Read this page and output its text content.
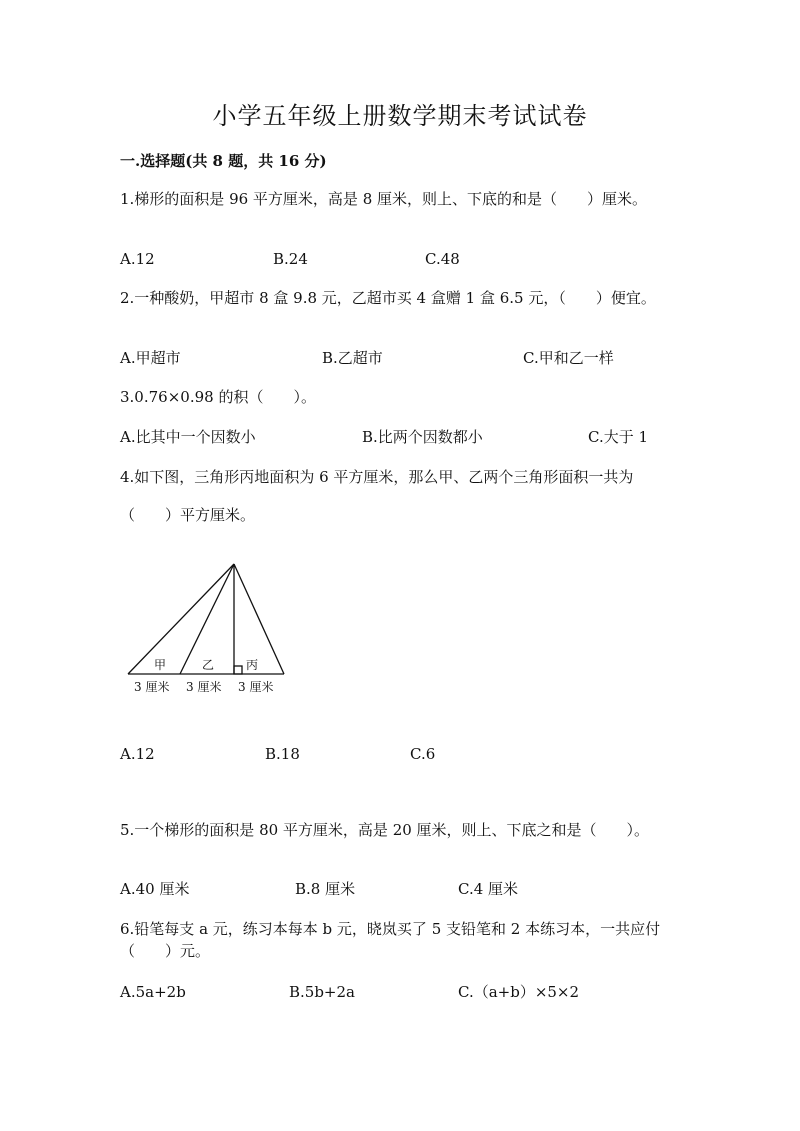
小学五年级上册数学期末考试试卷
一.选择题(共 8 题，共 16 分)
1.梯形的面积是 96 平方厘米，高是 8 厘米，则上、下底的和是（　　）厘米。
A.12	B.24	C.48
2.一种酸奶，甲超市 8 盒 9.8 元，乙超市买 4 盒赠 1 盒 6.5 元，（　　）便宜。
A.甲超市	B.乙超市	C.甲和乙一样
3.0.76×0.98 的积（　　）。
A.比其中一个因数小	B.比两个因数都小	C.大于 1
4.如下图，三角形丙地面积为 6 平方厘米，那么甲、乙两个三角形面积一共为
（　　）平方厘米。
甲	乙	丙
3 厘米 3 厘米 3 厘米
A.12	B.18	C.6
5.一个梯形的面积是 80 平方厘米，高是 20 厘米，则上、下底之和是（　　）。
A.40 厘米	B.8 厘米	C.4 厘米
6.铅笔每支 a 元，练习本每本 b 元，晓岚买了 5 支铅笔和 2 本练习本，一共应付（　　）元。
A.5a+2b	B.5b+2a	C.（a+b）×5×2
